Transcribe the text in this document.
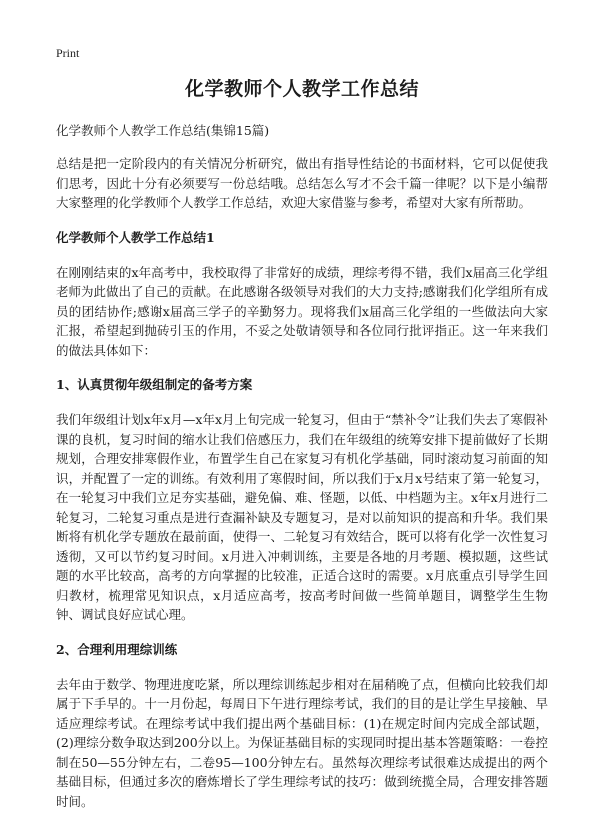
Print
化学教师个人教学工作总结
化学教师个人教学工作总结(集锦15篇)

总结是把一定阶段内的有关情况分析研究，做出有指导性结论的书面材料，它可以促使我们思考，因此十分有必须要写一份总结哦。总结怎么写才不会千篇一律呢？以下是小编帮大家整理的化学教师个人教学工作总结，欢迎大家借鉴与参考，希望对大家有所帮助。

化学教师个人教学工作总结1

在刚刚结束的x年高考中，我校取得了非常好的成绩，理综考得不错，我们x届高三化学组老师为此做出了自己的贡献。在此感谢各级领导对我们的大力支持;感谢我们化学组所有成员的团结协作;感谢x届高三学子的辛勤努力。现将我们x届高三化学组的一些做法向大家汇报，希望起到抛砖引玉的作用，不妥之处敬请领导和各位同行批评指正。这一年来我们的做法具体如下：

1、认真贯彻年级组制定的备考方案

我们年级组计划x年x月—x年x月上旬完成一轮复习，但由于“禁补令”让我们失去了寒假补课的良机，复习时间的缩水让我们倍感压力，我们在年级组的统筹安排下提前做好了长期规划，合理安排寒假作业，布置学生自己在家复习有机化学基础，同时滚动复习前面的知识，并配置了一定的训练。有效利用了寒假时间，所以我们于x月x号结束了第一轮复习，在一轮复习中我们立足夯实基础，避免偏、难、怪题，以低、中档题为主。x年x月进行二轮复习，二轮复习重点是进行查漏补缺及专题复习，是对以前知识的提高和升华。我们果断将有机化学专题放在最前面，使得一、二轮复习有效结合，既可以将有化学一次性复习透彻，又可以节约复习时间。x月进入冲刺训练，主要是各地的月考题、模拟题，这些试题的水平比较高，高考的方向掌握的比较准，正适合这时的需要。x月底重点引导学生回归教材，梳理常见知识点，x月适应高考，按高考时间做一些简单题目，调整学生生物钟、调试良好应试心理。

2、合理利用理综训练

去年由于数学、物理进度吃紧，所以理综训练起步相对在届稍晚了点，但横向比较我们却属于下手早的。十一月份起，每周日下午进行理综考试，我们的目的是让学生早接触、早适应理综考试。在理综考试中我们提出两个基础目标：(1)在规定时间内完成全部试题，(2)理综分数争取达到200分以上。为保证基础目标的实现同时提出基本答题策略：一卷控制在50—55分钟左右，二卷95—100分钟左右。虽然每次理综考试很难达成提出的两个基础目标，但通过多次的磨炼增长了学生理综考试的技巧：做到统揽全局，合理安排答题时间。
